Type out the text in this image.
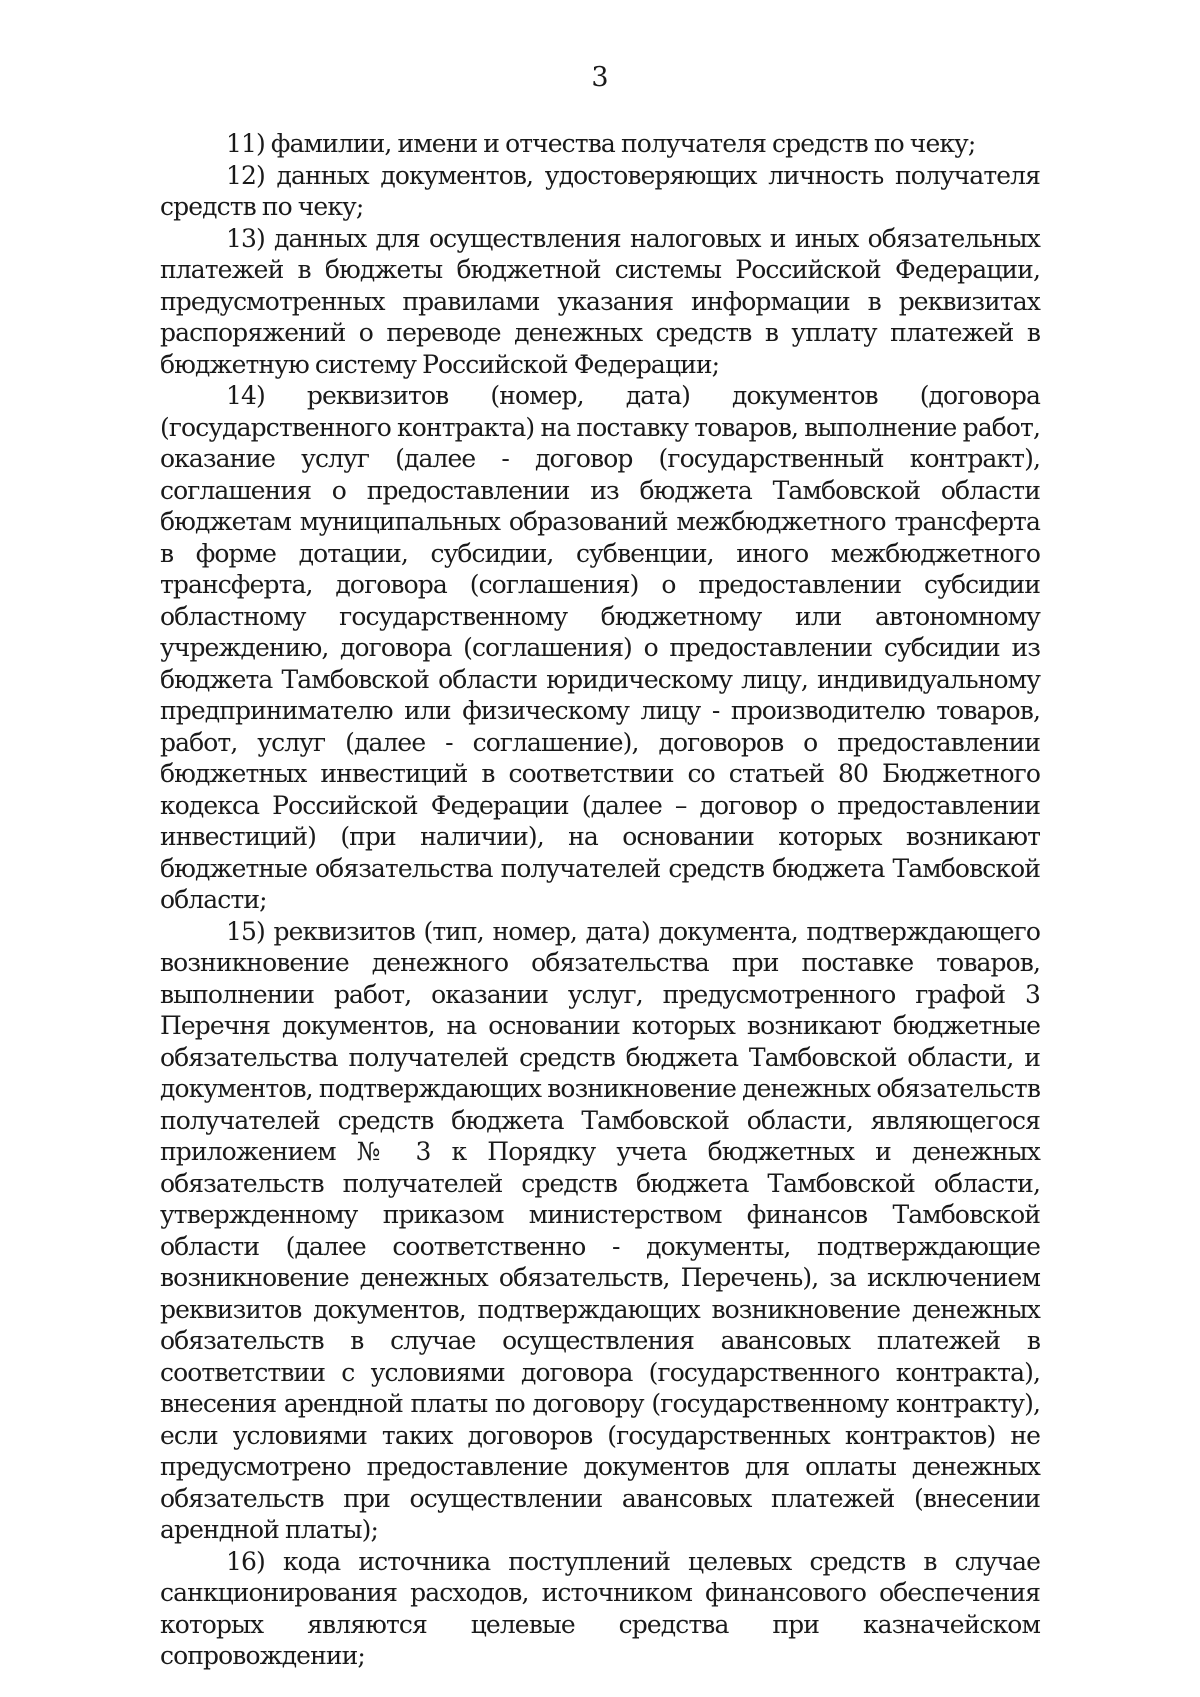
3

11) фамилии, имени и отчества получателя средств по чеку;

12) данных документов, удостоверяющих личность получателя средств по чеку;

13) данных для осуществления налоговых и иных обязательных платежей в бюджеты бюджетной системы Российской Федерации, предусмотренных правилами указания информации в реквизитах распоряжений о переводе денежных средств в уплату платежей в бюджетную систему Российской Федерации;

14) реквизитов (номер, дата) документов (договора (государственного контракта) на поставку товаров, выполнение работ, оказание услуг (далее - договор (государственный контракт), соглашения о предоставлении из бюджета Тамбовской области бюджетам муниципальных образований межбюджетного трансферта в форме дотации, субсидии, субвенции, иного межбюджетного трансферта, договора (соглашения) о предоставлении субсидии областному государственному бюджетному или автономному учреждению, договора (соглашения) о предоставлении субсидии из бюджета Тамбовской области юридическому лицу, индивидуальному предпринимателю или физическому лицу - производителю товаров, работ, услуг (далее - соглашение), договоров о предоставлении бюджетных инвестиций в соответствии со статьей 80 Бюджетного кодекса Российской Федерации (далее – договор о предоставлении инвестиций) (при наличии), на основании которых возникают бюджетные обязательства получателей средств бюджета Тамбовской области;

15) реквизитов (тип, номер, дата) документа, подтверждающего возникновение денежного обязательства при поставке товаров, выполнении работ, оказании услуг, предусмотренного графой 3 Перечня документов, на основании которых возникают бюджетные обязательства получателей средств бюджета Тамбовской области, и документов, подтверждающих возникновение денежных обязательств получателей средств бюджета Тамбовской области, являющегося приложением № 3 к Порядку учета бюджетных и денежных обязательств получателей средств бюджета Тамбовской области, утвержденному приказом министерством финансов Тамбовской области (далее соответственно - документы, подтверждающие возникновение денежных обязательств, Перечень), за исключением реквизитов документов, подтверждающих возникновение денежных обязательств в случае осуществления авансовых платежей в соответствии с условиями договора (государственного контракта), внесения арендной платы по договору (государственному контракту), если условиями таких договоров (государственных контрактов) не предусмотрено предоставление документов для оплаты денежных обязательств при осуществлении авансовых платежей (внесении арендной платы);

16) кода источника поступлений целевых средств в случае санкционирования расходов, источником финансового обеспечения которых являются целевые средства при казначейском сопровождении;
